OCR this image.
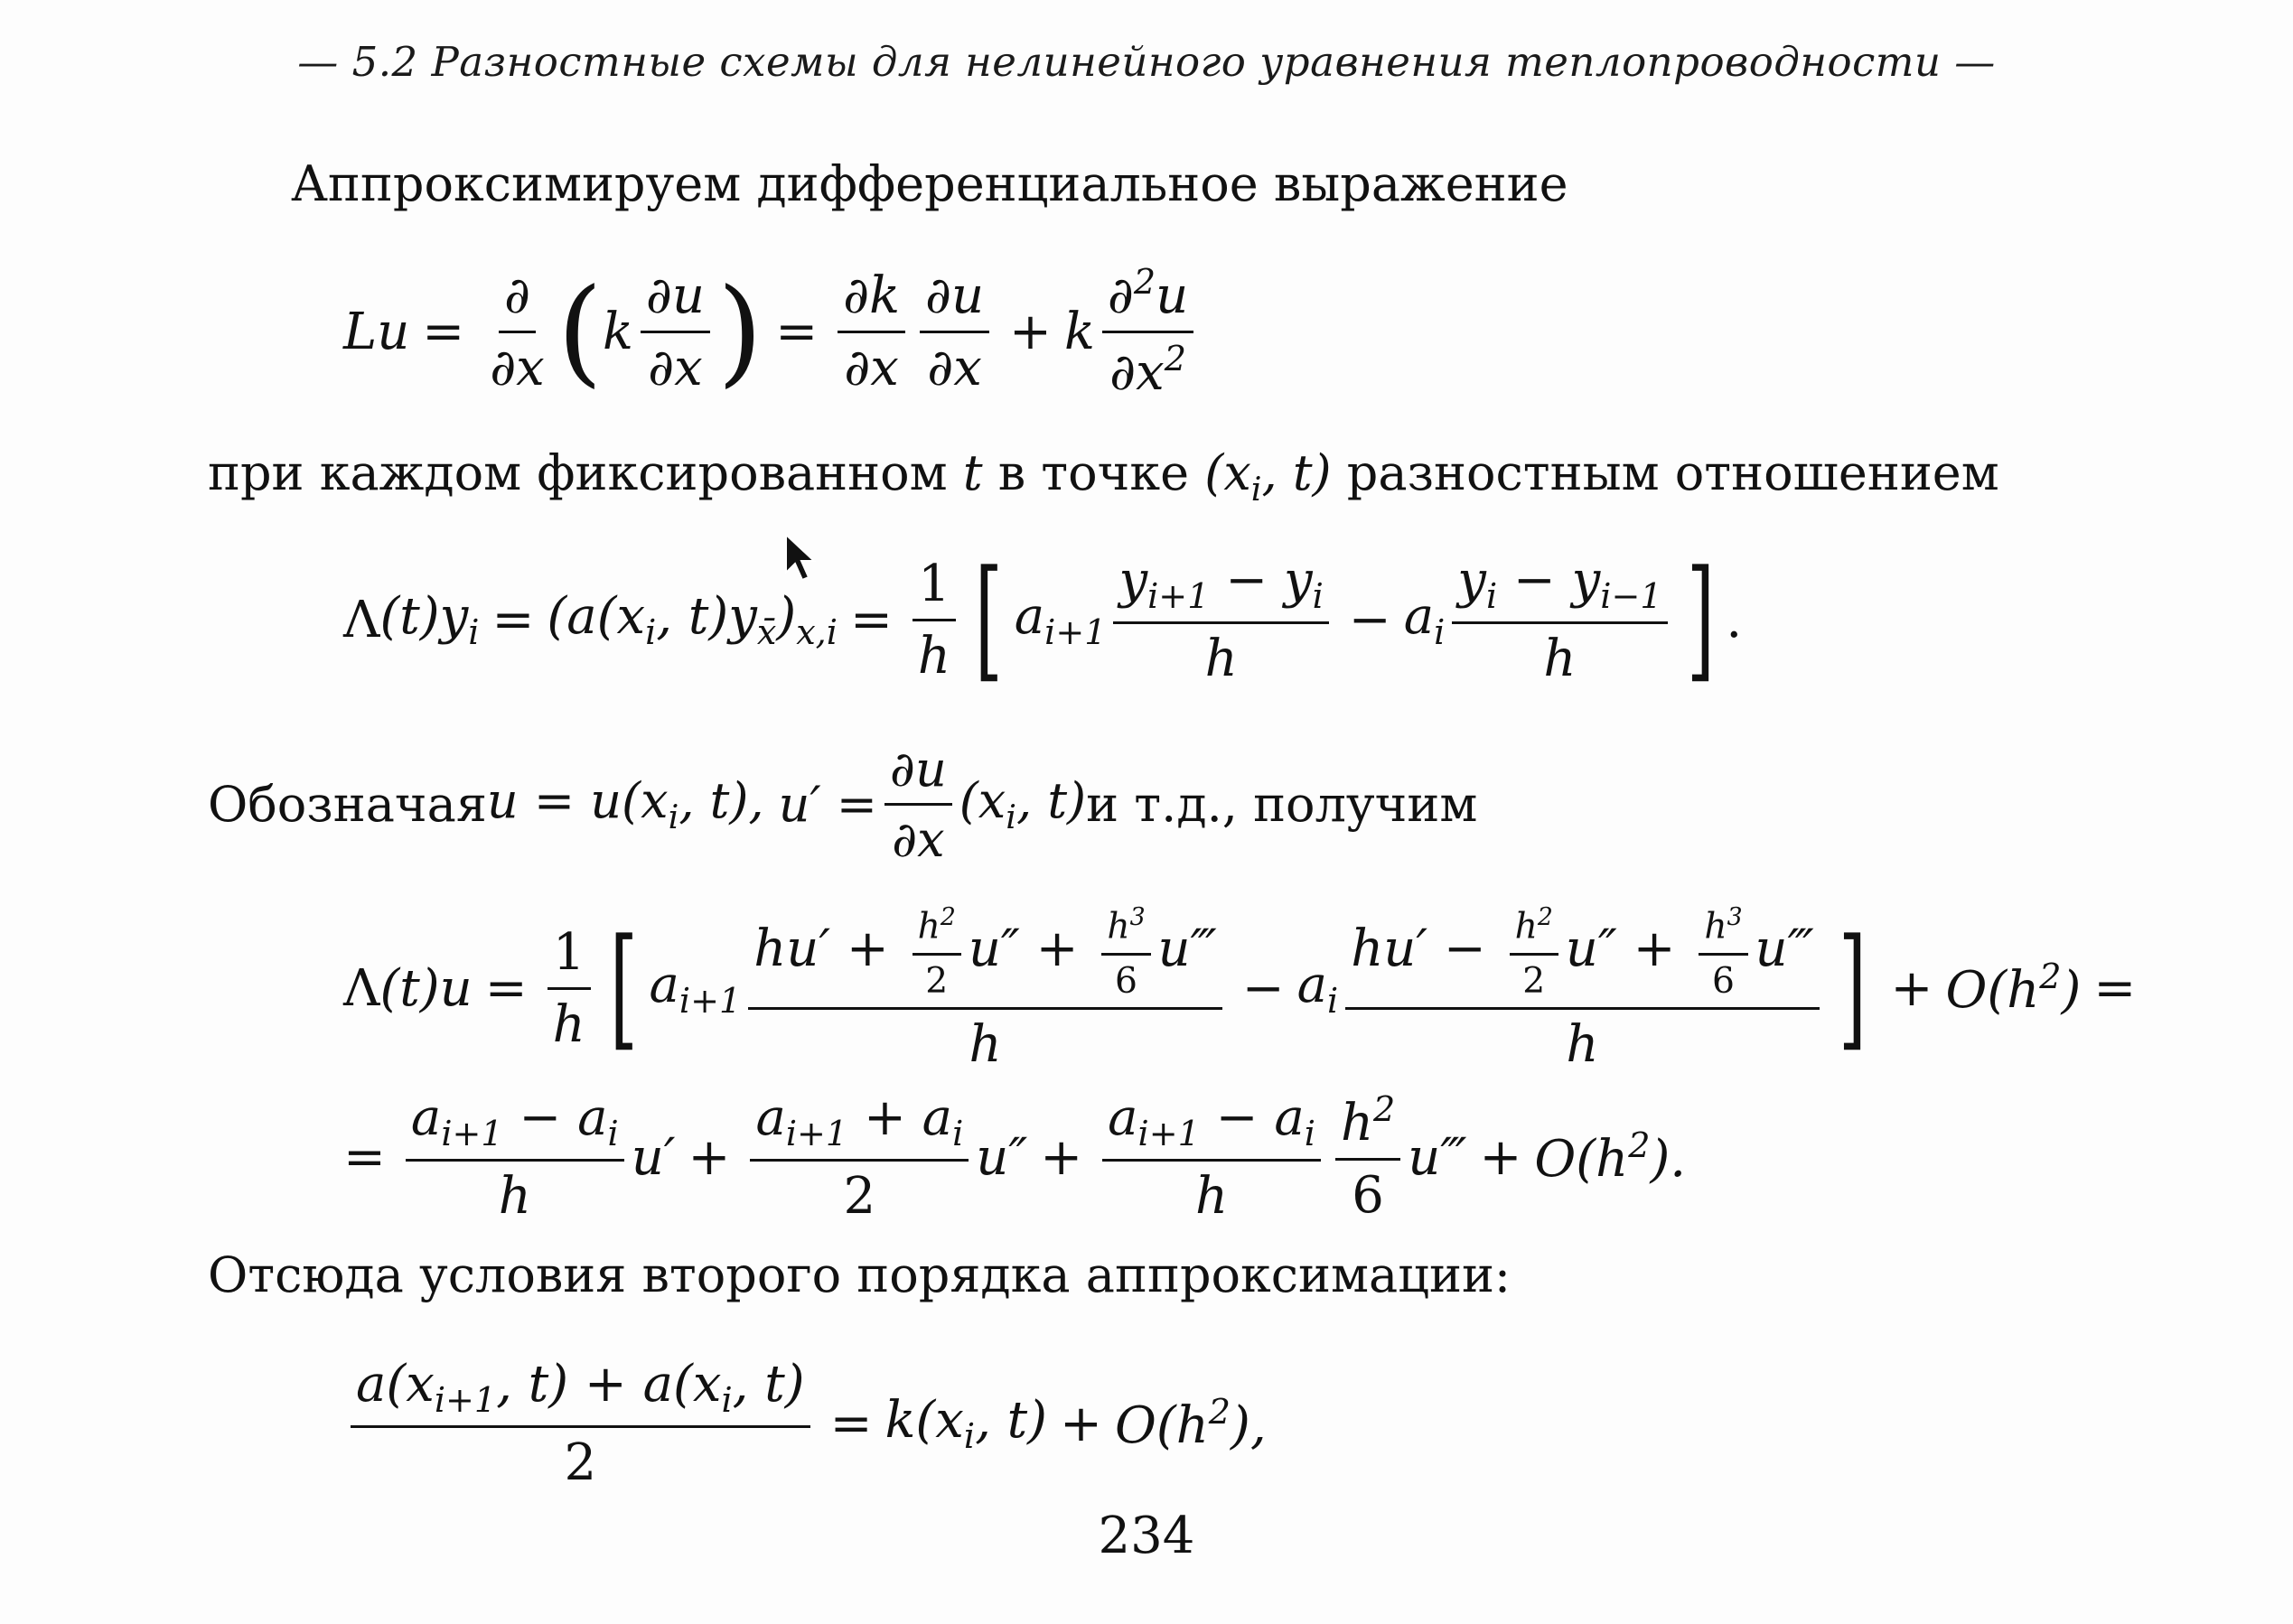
— 5.2 Разностные схемы для нелинейного уравнения теплопроводности —
Аппроксимируем дифференциальное выражение
$Lu = \frac{\partial}{\partial x}$ ( k $\frac{\partial u}{\partial x}$ ) = $\frac{\partial k}{\partial x} \frac{\partial u}{\partial x} + k \frac{\partial^2u}{\partial x^2}$
при каждом фиксированном t в точке ($x_i$, t) разностным отношением
Λ $(t)y_i = (a(x_i$, $t)y_{x̄})_{x,i} = \frac{1}{h}$ [ $a_{i+1} \frac{y_{i+1} - y_i}{h} - a_i \frac{y_i - y_{i-1}}{h}$ ] .
Обозначая $u = u(x_i$, t), $u' = \frac{\partial u}{\partial x} (x_i$, t) и т.д., получим
Λ $(t)u = \frac{1}{h}$ [ $a_{i+1} \frac{hu' + \frac{h^2}{2} u'' + \frac{h^3}{6} u‴}{h} - a_i \frac{hu' - \frac{h^2}{2} u'' + \frac{h^3}{6} u‴}{h}$ ] + $O(h^2)$ =
= $\frac{a_{i+1} - a_i}{h} u' + \frac{a_{i+1} + a_i}{2} u'' + \frac{a_{i+1} - a_i}{h} \frac{h^2}{6}$ u‴ + $O(h^2)$.
Отсюда условия второго порядка аппроксимации:
$\frac{a(x_{i+1}, t) + a(x_i, t)}{2} = k(x_i$, $t) + O(h^2)$,
234
